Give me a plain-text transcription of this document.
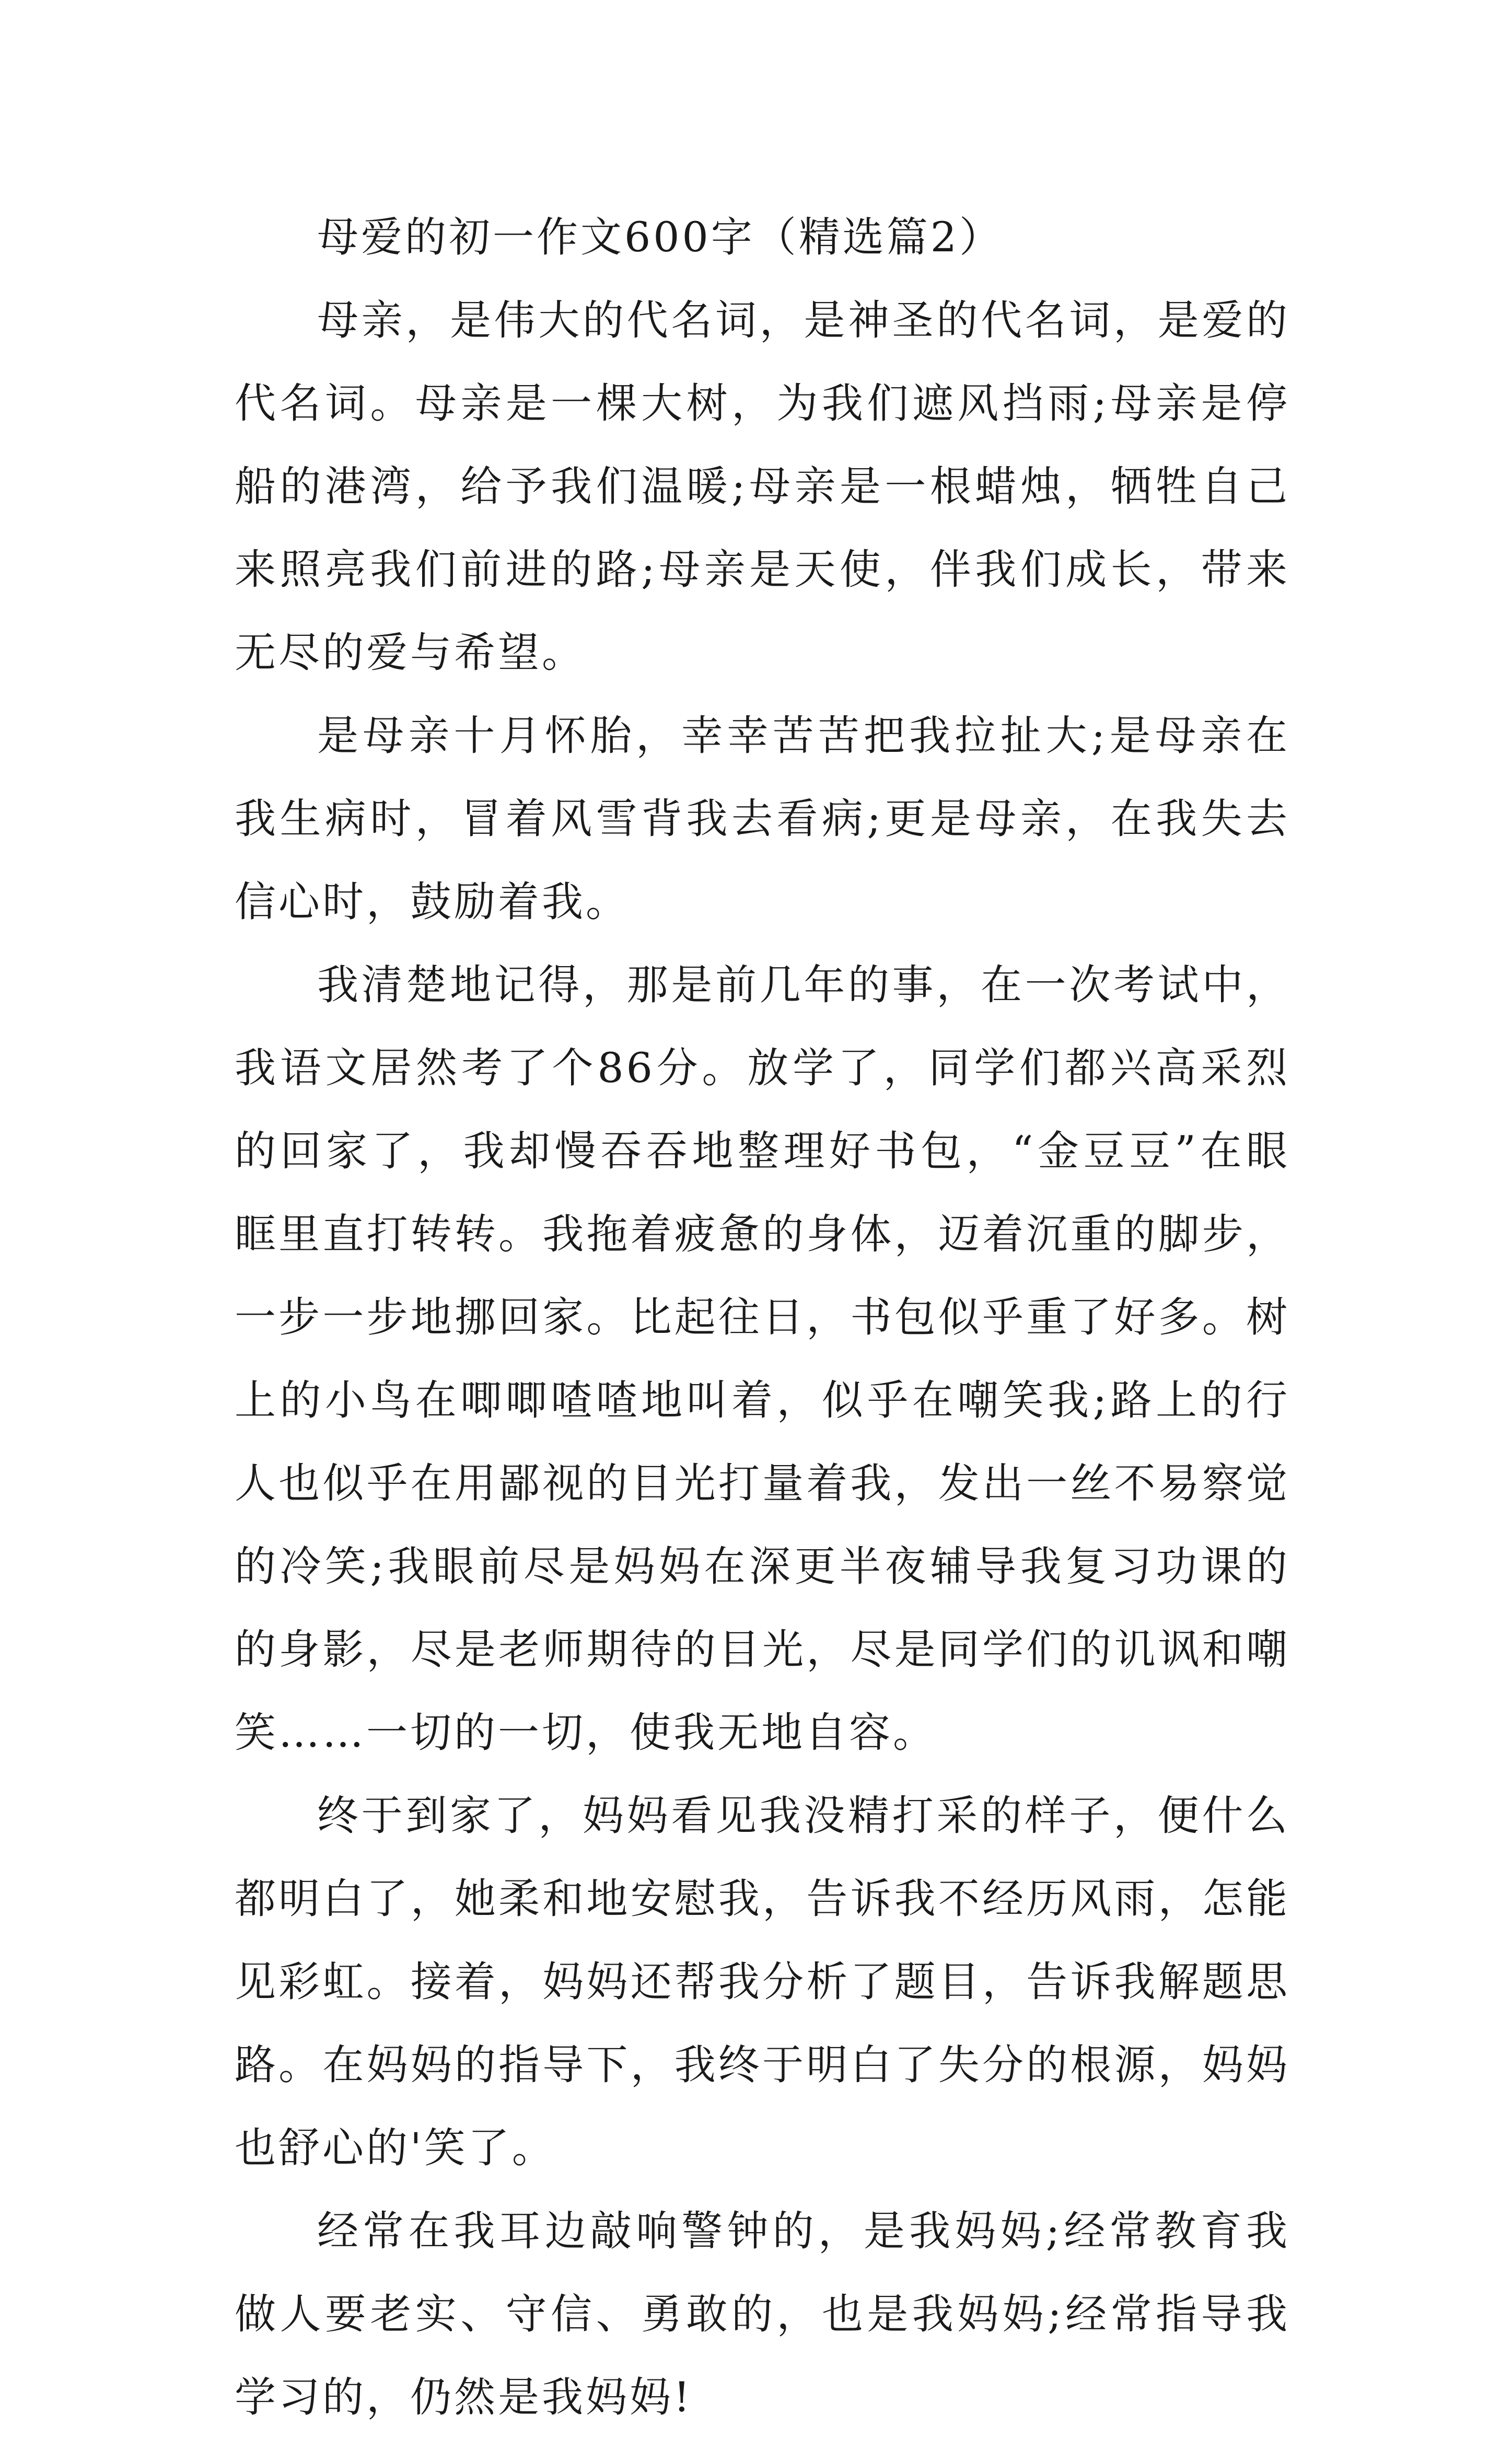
母爱的初一作文600字（精选篇2）

母亲，是伟大的代名词，是神圣的代名词，是爱的代名词。母亲是一棵大树，为我们遮风挡雨;母亲是停船的港湾，给予我们温暖;母亲是一根蜡烛，牺牲自己来照亮我们前进的路;母亲是天使，伴我们成长，带来无尽的爱与希望。

是母亲十月怀胎，幸幸苦苦把我拉扯大;是母亲在我生病时，冒着风雪背我去看病;更是母亲，在我失去信心时，鼓励着我。

我清楚地记得，那是前几年的事，在一次考试中，我语文居然考了个86分。放学了，同学们都兴高采烈的回家了，我却慢吞吞地整理好书包，“金豆豆”在眼眶里直打转转。我拖着疲惫的身体，迈着沉重的脚步，一步一步地挪回家。比起往日，书包似乎重了好多。树上的小鸟在唧唧喳喳地叫着，似乎在嘲笑我;路上的行人也似乎在用鄙视的目光打量着我，发出一丝不易察觉的冷笑;我眼前尽是妈妈在深更半夜辅导我复习功课的的身影，尽是老师期待的目光，尽是同学们的讥讽和嘲笑……一切的一切，使我无地自容。

终于到家了，妈妈看见我没精打采的样子，便什么都明白了，她柔和地安慰我，告诉我不经历风雨，怎能见彩虹。接着，妈妈还帮我分析了题目，告诉我解题思路。在妈妈的指导下，我终于明白了失分的根源，妈妈也舒心的'笑了。

经常在我耳边敲响警钟的，是我妈妈;经常教育我做人要老实、守信、勇敢的，也是我妈妈;经常指导我学习的，仍然是我妈妈!
